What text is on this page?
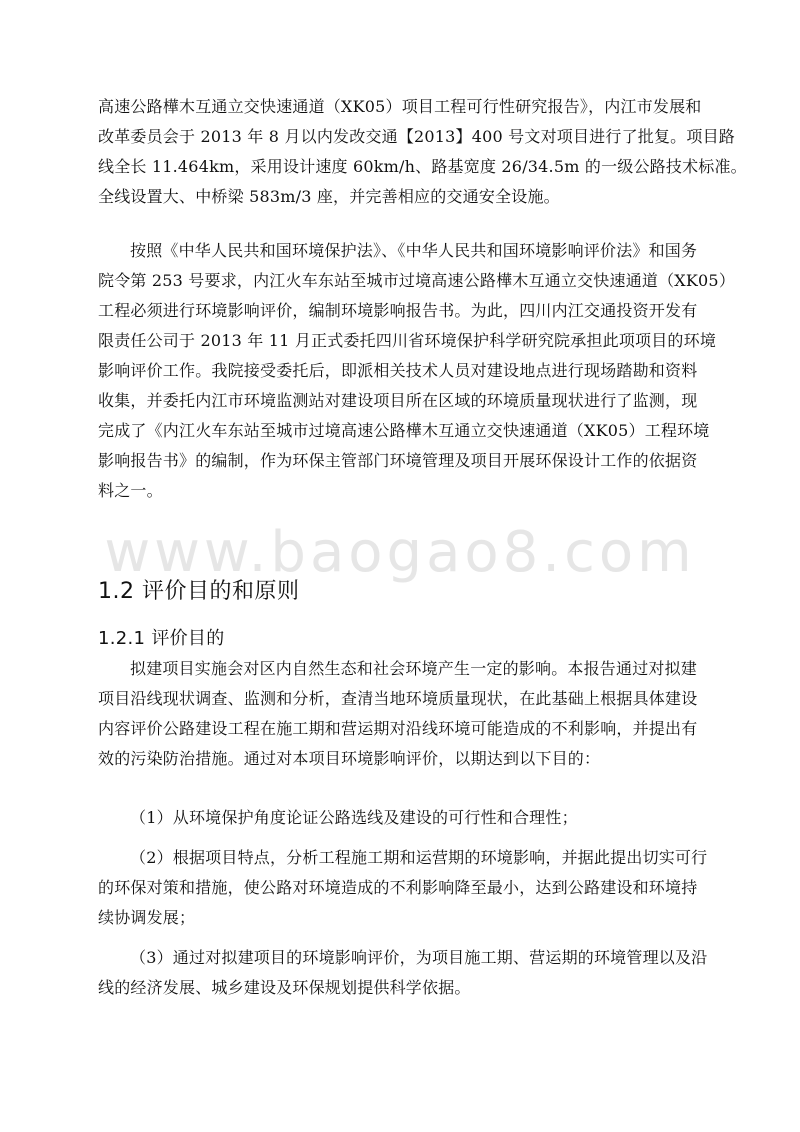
www.baogao8.com
高速公路樺木互通立交快速通道（XK05）项目工程可行性研究报告》，内江市发展和
改革委员会于 2013 年 8 月以内发改交通【2013】400 号文对项目进行了批复。项目路
线全长 11.464km，采用设计速度 60km/h、路基宽度 26/34.5m 的一级公路技术标准。
全线设置大、中桥梁 583m/3 座，并完善相应的交通安全设施。
按照《中华人民共和国环境保护法》、《中华人民共和国环境影响评价法》和国务
院令第 253 号要求，内江火车东站至城市过境高速公路樺木互通立交快速通道（XK05）
工程必须进行环境影响评价，编制环境影响报告书。为此，四川内江交通投资开发有
限责任公司于 2013 年 11 月正式委托四川省环境保护科学研究院承担此项项目的环境
影响评价工作。我院接受委托后，即派相关技术人员对建设地点进行现场踏勘和资料
收集，并委托内江市环境监测站对建设项目所在区域的环境质量现状进行了监测，现
完成了《内江火车东站至城市过境高速公路樺木互通立交快速通道（XK05）工程环境
影响报告书》的编制，作为环保主管部门环境管理及项目开展环保设计工作的依据资
料之一。
1.2 评价目的和原则
1.2.1 评价目的
拟建项目实施会对区内自然生态和社会环境产生一定的影响。本报告通过对拟建
项目沿线现状调查、监测和分析，查清当地环境质量现状，在此基础上根据具体建设
内容评价公路建设工程在施工期和营运期对沿线环境可能造成的不利影响，并提出有
效的污染防治措施。通过对本项目环境影响评价，以期达到以下目的：
（1）从环境保护角度论证公路选线及建设的可行性和合理性；
（2）根据项目特点，分析工程施工期和运营期的环境影响，并据此提出切实可行
的环保对策和措施，使公路对环境造成的不利影响降至最小，达到公路建设和环境持
续协调发展；
（3）通过对拟建项目的环境影响评价，为项目施工期、营运期的环境管理以及沿
线的经济发展、城乡建设及环保规划提供科学依据。
